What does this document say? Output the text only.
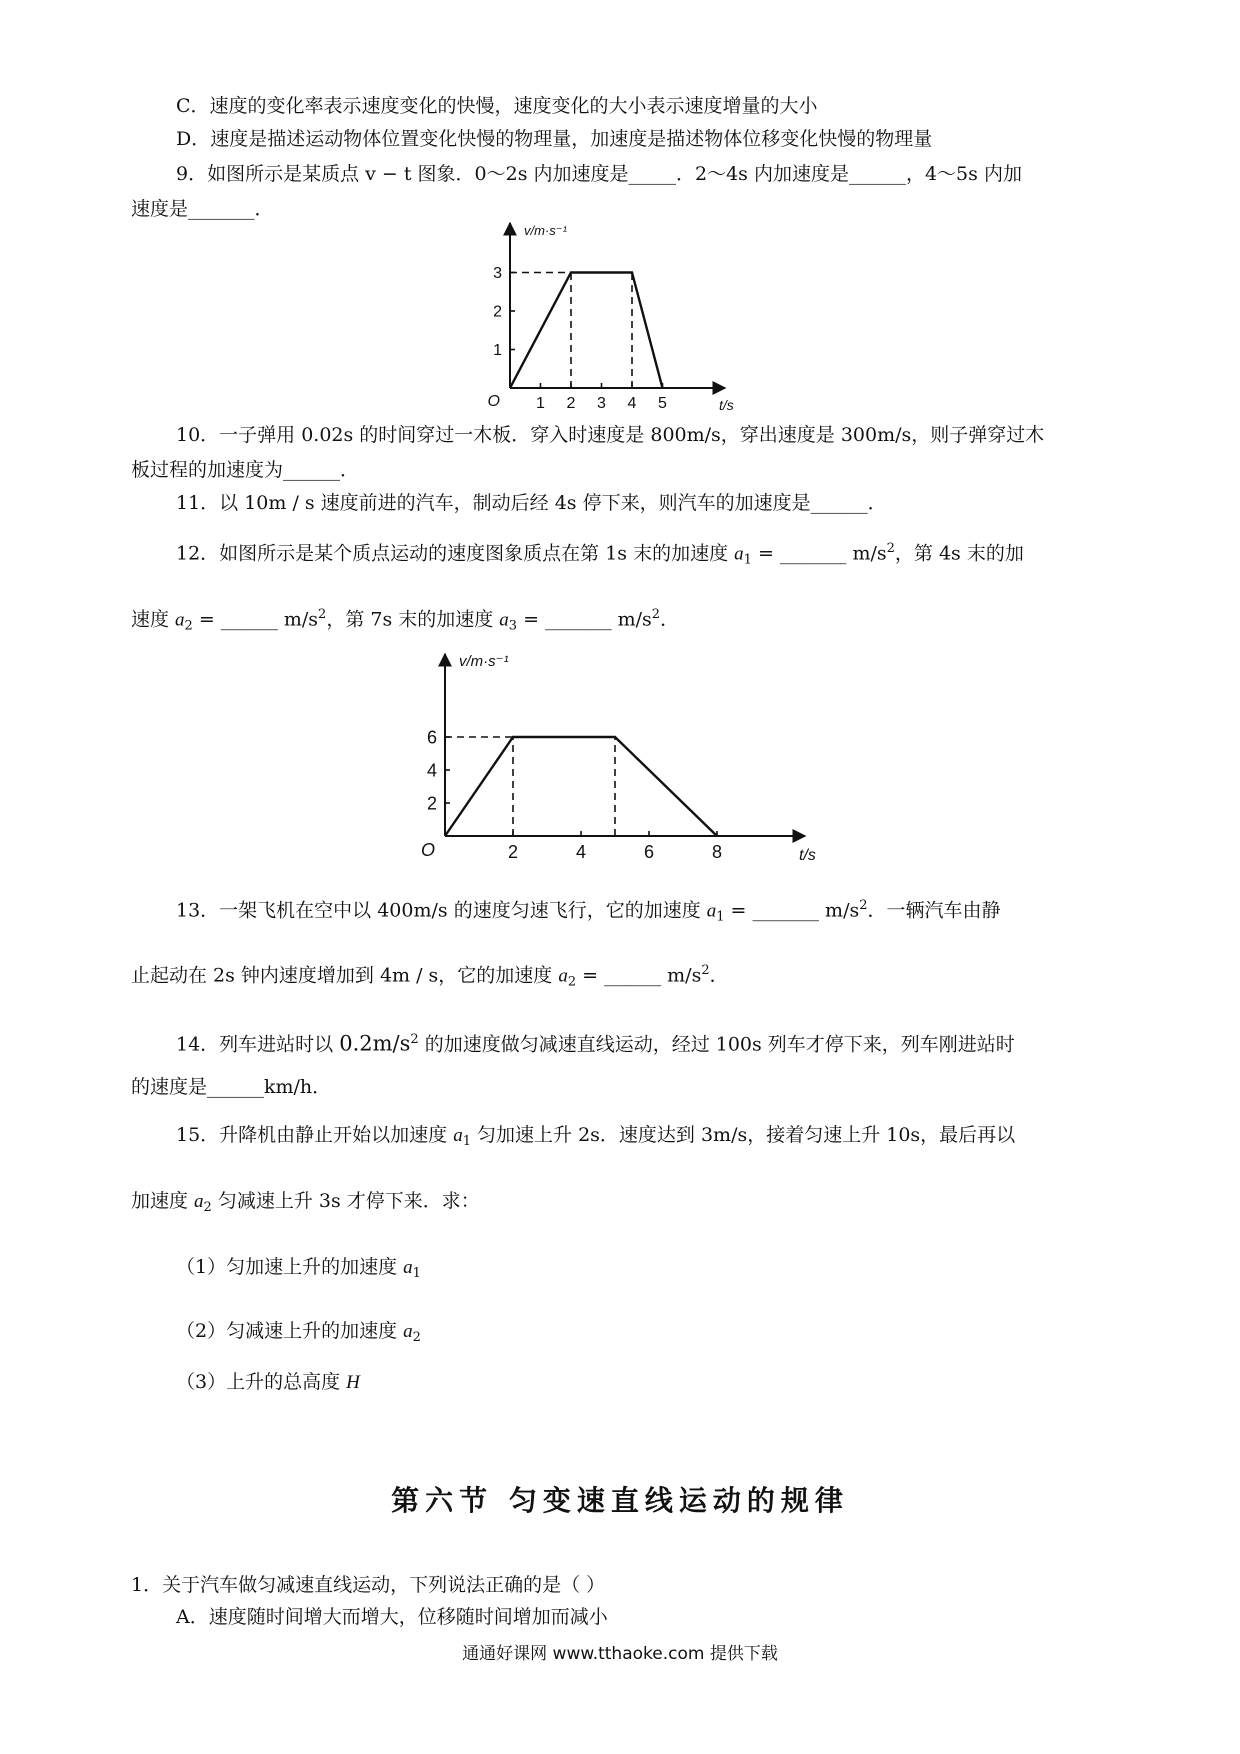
C．速度的变化率表示速度变化的快慢，速度变化的大小表示速度增量的大小
D．速度是描述运动物体位置变化快慢的物理量，加速度是描述物体位移变化快慢的物理量
9．如图所示是某质点 v − t 图象．0～2s 内加速度是_____．2～4s 内加速度是______，4～5s 内加
速度是_______．
1 2 3 4 5
1
2
3
O
v/m·s⁻¹
t/s
10．一子弹用 0.02s 的时间穿过一木板．穿入时速度是 800m/s，穿出速度是 300m/s，则子弹穿过木
板过程的加速度为______．
11．以 10m / s 速度前进的汽车，制动后经 4s 停下来，则汽车的加速度是______．
12．如图所示是某个质点运动的速度图象质点在第 1s 末的加速度 $a_1$ = _______ $m/s^2$，第 4s 末的加
速度 $a_2$ = ______ $m/s^2$，第 7s 末的加速度 $a_3$ = _______ $m/s^2$．
2	4	6	8
2
4
6
O
v/m·s⁻¹
t/s
13．一架飞机在空中以 400m/s 的速度匀速飞行，它的加速度 $a_1$ = _______ $m/s^2$．一辆汽车由静
止起动在 2s 钟内速度增加到 4m / s，它的加速度 $a_2$ = ______ $m/s^2$．
14．列车进站时以 $0.2m/s^2$ 的加速度做匀减速直线运动，经过 100s 列车才停下来，列车刚进站时
的速度是______km/h．
15．升降机由静止开始以加速度 $a_1$ 匀加速上升 2s．速度达到 3m/s，接着匀速上升 10s，最后再以
加速度 $a_2$ 匀减速上升 3s 才停下来．求：
（1）匀加速上升的加速度 $a_1$
（2）匀减速上升的加速度 $a_2$
（3）上升的总高度 H
第六节 匀变速直线运动的规律
1．关于汽车做匀减速直线运动，下列说法正确的是（ ）
A．速度随时间增大而增大，位移随时间增加而减小
通通好课网 www.tthaoke.com 提供下载
